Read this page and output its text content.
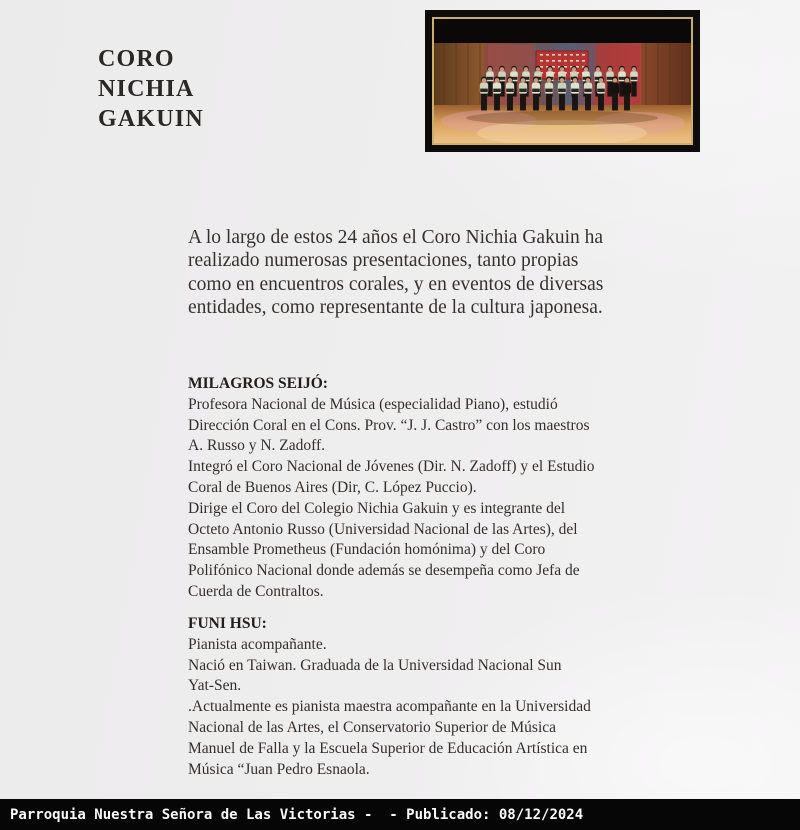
CORO
NICHIA
GAKUIN
A lo largo de estos 24 años el Coro Nichia Gakuin ha
realizado numerosas presentaciones, tanto propias
como en encuentros corales, y en eventos de diversas
entidades, como representante de la cultura japonesa.
MILAGROS SEIJÓ:
Profesora Nacional de Música (especialidad Piano), estudió
Dirección Coral en el Cons. Prov. “J. J. Castro” con los maestros
A. Russo y N. Zadoff.
Integró el Coro Nacional de Jóvenes (Dir. N. Zadoff) y el Estudio
Coral de Buenos Aires (Dir, C. López Puccio).
Dirige el Coro del Colegio Nichia Gakuin y es integrante del
Octeto Antonio Russo (Universidad Nacional de las Artes), del
Ensamble Prometheus (Fundación homónima) y del Coro
Polifónico Nacional donde además se desempeña como Jefa de
Cuerda de Contraltos.
FUNI HSU:
Pianista acompañante.
Nació en Taiwan. Graduada de la Universidad Nacional Sun
Yat-Sen.
.Actualmente es pianista maestra acompañante en la Universidad
Nacional de las Artes, el Conservatorio Superior de Música
Manuel de Falla y la Escuela Superior de Educación Artística en
Música “Juan Pedro Esnaola.
Parroquia Nuestra Señora de Las Victorias -  - Publicado: 08/12/2024
